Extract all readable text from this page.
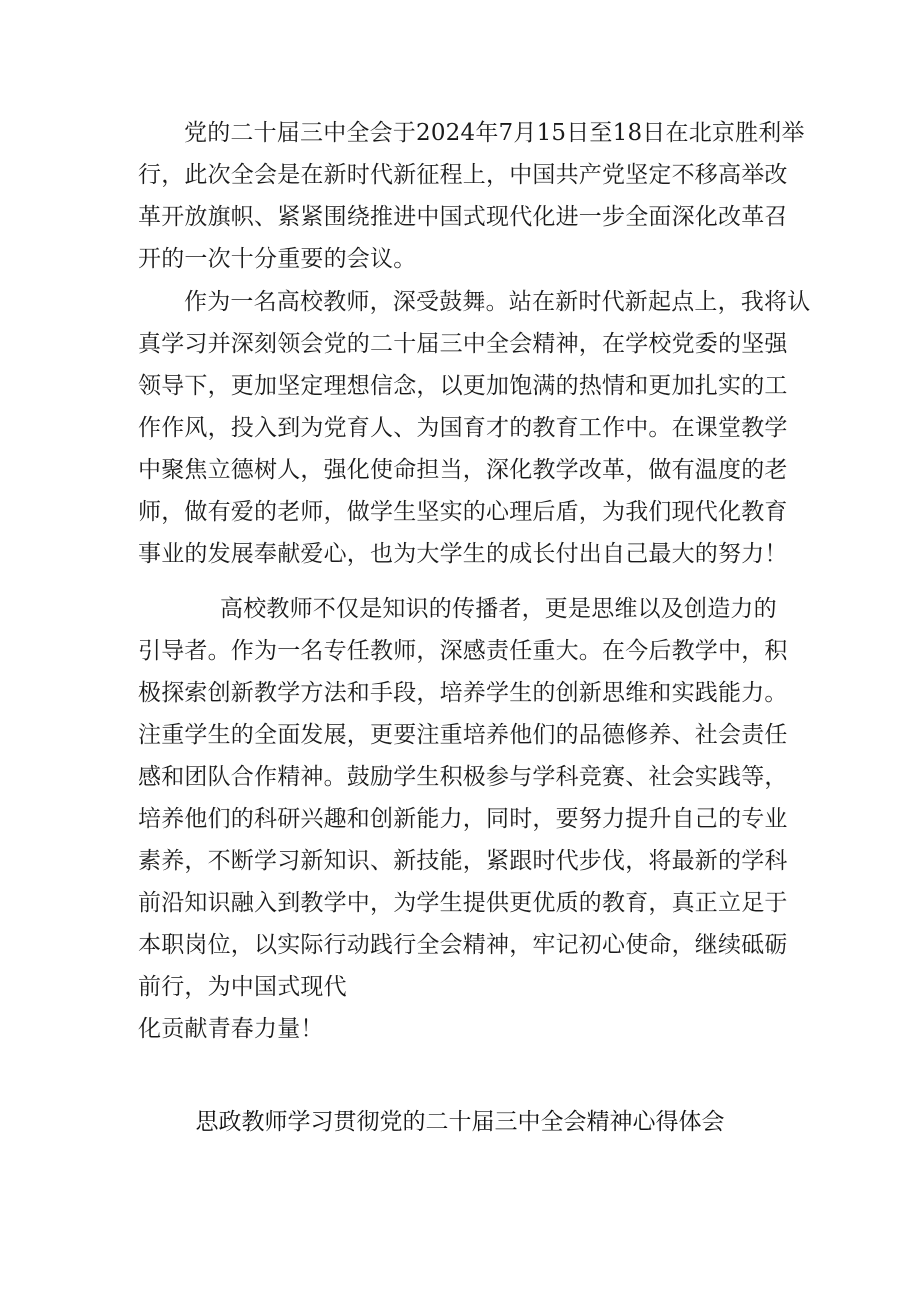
党的二十届三中全会于2024年7月15日至18日在北京胜利举
行，此次全会是在新时代新征程上，中国共产党坚定不移高举改
革开放旗帜、紧紧围绕推进中国式现代化进一步全面深化改革召
开的一次十分重要的会议。
作为一名高校教师，深受鼓舞。站在新时代新起点上，我将认
真学习并深刻领会党的二十届三中全会精神，在学校党委的坚强
领导下，更加坚定理想信念，以更加饱满的热情和更加扎实的工
作作风，投入到为党育人、为国育才的教育工作中。在课堂教学
中聚焦立德树人，强化使命担当，深化教学改革，做有温度的老
师，做有爱的老师，做学生坚实的心理后盾，为我们现代化教育
事业的发展奉献爱心，也为大学生的成长付出自己最大的努力！
高校教师不仅是知识的传播者，更是思维以及创造力的
引导者。作为一名专任教师，深感责任重大。在今后教学中，积
极探索创新教学方法和手段，培养学生的创新思维和实践能力。
注重学生的全面发展，更要注重培养他们的品德修养、社会责任
感和团队合作精神。鼓励学生积极参与学科竞赛、社会实践等，
培养他们的科研兴趣和创新能力，同时，要努力提升自己的专业
素养，不断学习新知识、新技能，紧跟时代步伐，将最新的学科
前沿知识融入到教学中，为学生提供更优质的教育，真正立足于
本职岗位，以实际行动践行全会精神，牢记初心使命，继续砥砺
前行，为中国式现代
化贡献青春力量！
思政教师学习贯彻党的二十届三中全会精神心得体会
